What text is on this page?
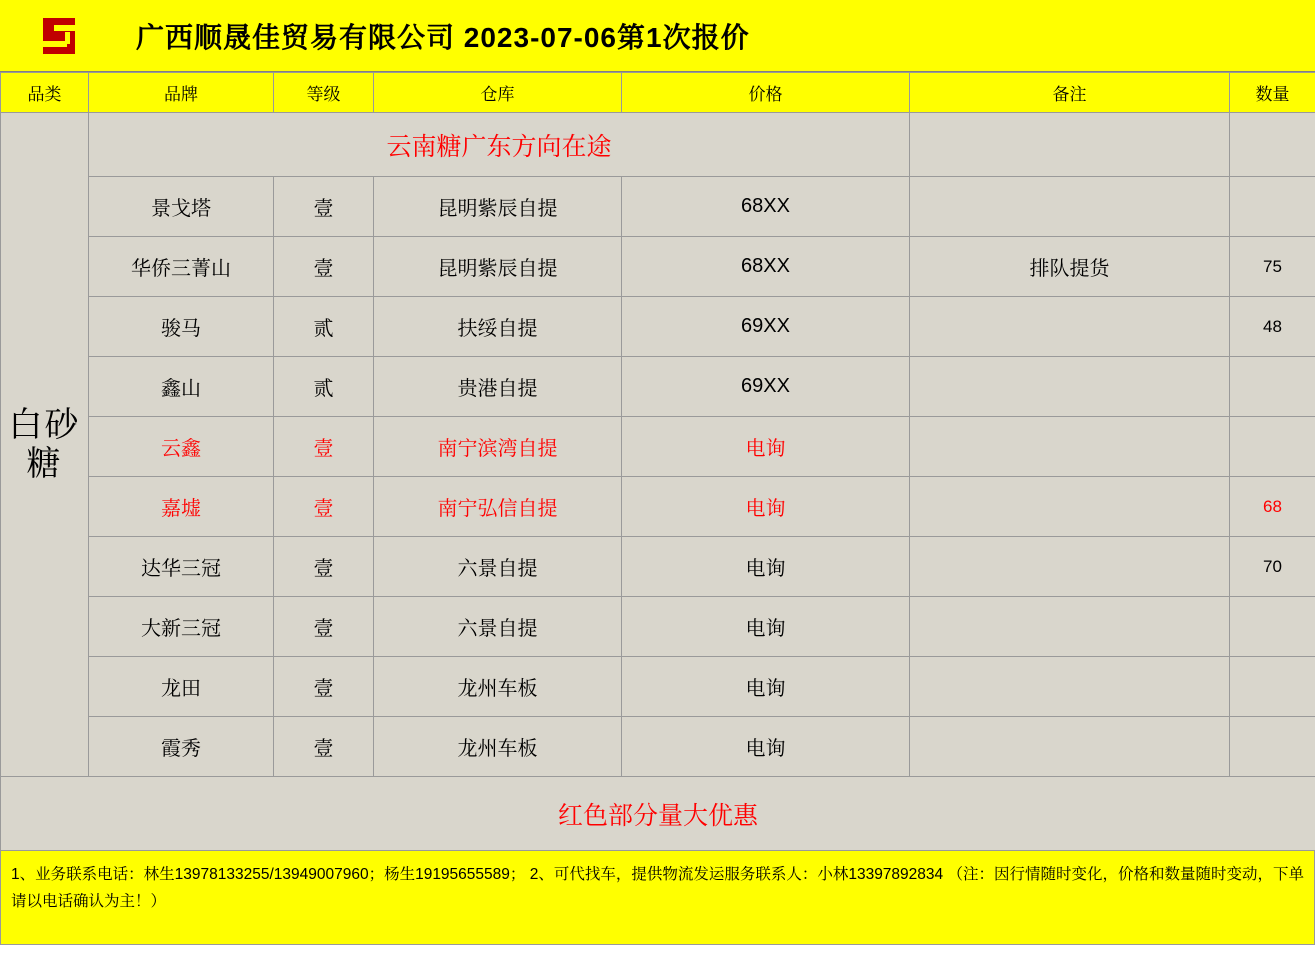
广西顺晟佳贸易有限公司 2023-07-06第1次报价
品类	品牌	等级	仓库	价格	备注	数量
白砂糖	云南糖广东方向在途					
	景戈塔	壹	昆明紫辰自提	68XX		
	华侨三菁山	壹	昆明紫辰自提	68XX	排队提货	75
	骏马	贰	扶绥自提	69XX		48
	鑫山	贰	贵港自提	69XX		
	云鑫	壹	南宁滨湾自提	电询		
	嘉墟	壹	南宁弘信自提	电询		68
	达华三冠	壹	六景自提	电询		70
	大新三冠	壹	六景自提	电询		
	龙田	壹	龙州车板	电询		
	霞秀	壹	龙州车板	电询		
红色部分量大优惠						
1、业务联系电话：林生13978133255/13949007960；杨生19195655589； 2、可代找车，提供物流发运服务联系人：小林13397892834 （注：因行情随时变化，价格和数量随时变动，下单请以电话确认为主！）
